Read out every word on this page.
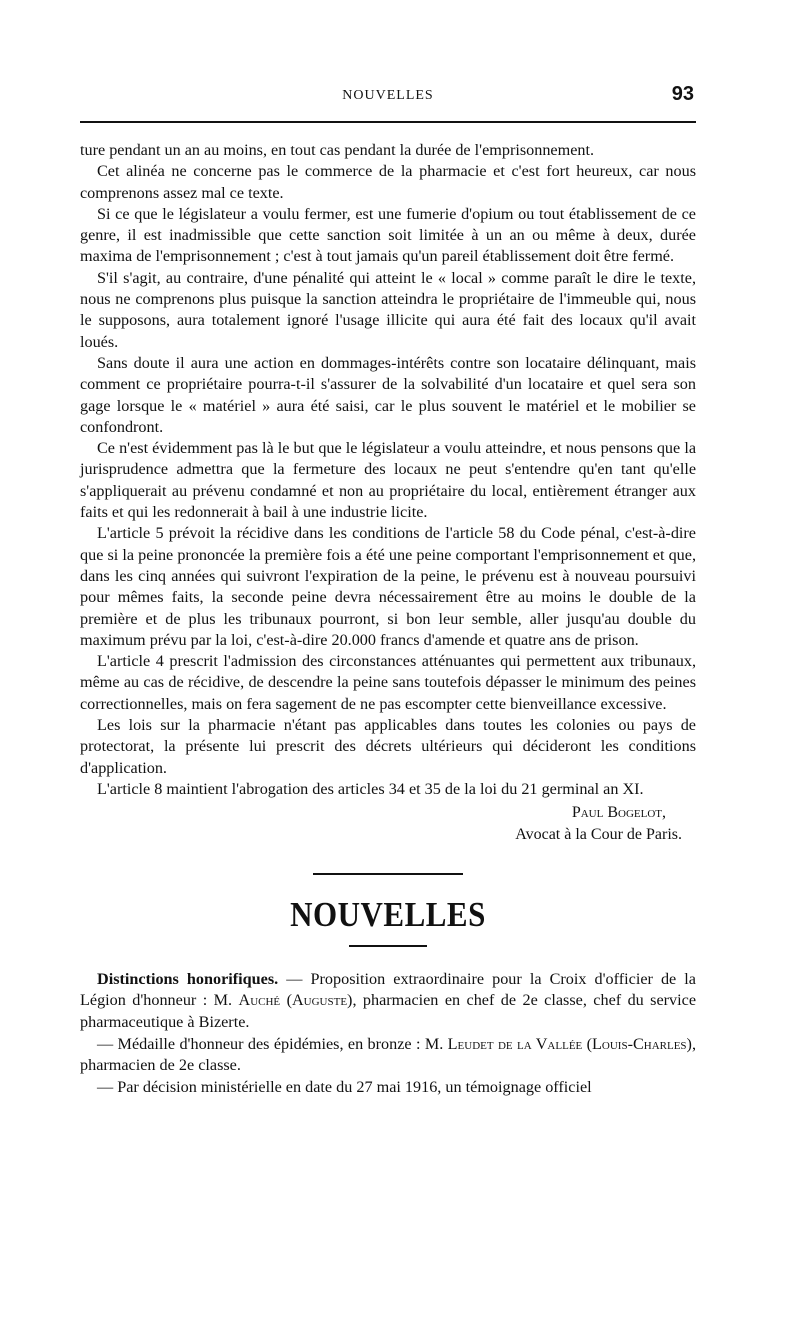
NOUVELLES	93

ture pendant un an au moins, en tout cas pendant la durée de l'emprisonnement.

Cet alinéa ne concerne pas le commerce de la pharmacie et c'est fort heureux, car nous comprenons assez mal ce texte.

Si ce que le législateur a voulu fermer, est une fumerie d'opium ou tout établissement de ce genre, il est inadmissible que cette sanction soit limitée à un an ou même à deux, durée maxima de l'emprisonnement ; c'est à tout jamais qu'un pareil établissement doit être fermé.

S'il s'agit, au contraire, d'une pénalité qui atteint le « local » comme paraît le dire le texte, nous ne comprenons plus puisque la sanction atteindra le propriétaire de l'immeuble qui, nous le supposons, aura totalement ignoré l'usage illicite qui aura été fait des locaux qu'il avait loués.

Sans doute il aura une action en dommages-intérêts contre son locataire délinquant, mais comment ce propriétaire pourra-t-il s'assurer de la solvabilité d'un locataire et quel sera son gage lorsque le « matériel » aura été saisi, car le plus souvent le matériel et le mobilier se confondront.

Ce n'est évidemment pas là le but que le législateur a voulu atteindre, et nous pensons que la jurisprudence admettra que la fermeture des locaux ne peut s'entendre qu'en tant qu'elle s'appliquerait au prévenu condamné et non au propriétaire du local, entièrement étranger aux faits et qui les redonnerait à bail à une industrie licite.

L'article 5 prévoit la récidive dans les conditions de l'article 58 du Code pénal, c'est-à-dire que si la peine prononcée la première fois a été une peine comportant l'emprisonnement et que, dans les cinq années qui suivront l'expiration de la peine, le prévenu est à nouveau poursuivi pour mêmes faits, la seconde peine devra nécessairement être au moins le double de la première et de plus les tribunaux pourront, si bon leur semble, aller jusqu'au double du maximum prévu par la loi, c'est-à-dire 20.000 francs d'amende et quatre ans de prison.

L'article 4 prescrit l'admission des circonstances atténuantes qui permettent aux tribunaux, même au cas de récidive, de descendre la peine sans toutefois dépasser le minimum des peines correctionnelles, mais on fera sagement de ne pas escompter cette bienveillance excessive.

Les lois sur la pharmacie n'étant pas applicables dans toutes les colonies ou pays de protectorat, la présente lui prescrit des décrets ultérieurs qui décideront les conditions d'application.

L'article 8 maintient l'abrogation des articles 34 et 35 de la loi du 21 germinal an XI.

Paul Bogelot,
Avocat à la Cour de Paris.
NOUVELLES

Distinctions honorifiques. — Proposition extraordinaire pour la Croix d'officier de la Légion d'honneur : M. Auché (Auguste), pharmacien en chef de 2e classe, chef du service pharmaceutique à Bizerte.

— Médaille d'honneur des épidémies, en bronze : M. Leudet de la Vallée (Louis-Charles), pharmacien de 2e classe.

— Par décision ministérielle en date du 27 mai 1916, un témoignage officiel
